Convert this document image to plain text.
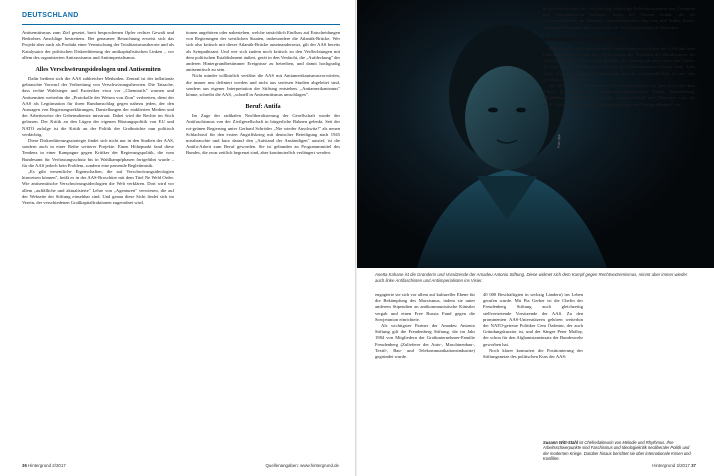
DEUTSCHLAND

Antisemitismus zum Ziel gesetzt, breit besprochenen Opfer rechter Gewalt und Bedrohtes Anschläge bestreitens. Bei genauerer Betrachtung erweist sich das Projekt aber auch als Produkt einer Vermischung der Totalitarismustheorie und als Katalysator der politischen Diskreditierung der antikapitalistischen Linken – vor allem des organisierten Antirassismus und Antiimperialismus.

Alles Verschwörungsideologen und Antisemiten

Dafür bedient sich die AAS zahlreicher Methoden. Zentral ist der inflationär gebrauchte Vorwurf der Verbreitung von Verschwörungstheorien. Die Tatsache, dass rechte Wahlsieger und Esoteriker etwa vor „Chemtrails" warnen und Antisemiten weiterhin die „Protokolle der Weisen von Zion" verbreiten, dient der AAS als Legitimation für ihren Rundumschlag gegen nahezu jeden, der den Aussagen von Regierungserklärungen, Darstellungen der etablierten Medien und der Arbeitsweise der Geheimdienste misstraut. Dabei wird die Rechte im Stich gelassen. Der Kritik an den Lügen der eigenen Rüstungspolitik von EU und NATO zufolge ist die Kritik an der Politik der Großmächte nun politisch verdächtig.

Diese Diskreditierungsstrategie findet sich nicht nur in den Studien der AAS, sondern auch in einer Reihe weiterer Projekte. Einen Höhepunkt fand diese Tendenz in einer Kampagne gegen Kritiker der Regierungspolitik, die vom Bundesamt für Verfassungsschutz bis in Wahlkampfphasen fortgeführt wurde – für die AAS jedoch kein Problem, sondern eine passende Begleitmusik.

„Es gibt wesentliche Eigenschaften, die auf Verschwörungsideologien hinweisen können", heißt es in der AAS-Broschüre mit dem Titel Ne Weld Order. Wie antisemitische Verschwörungsideologien die Welt verklären. Dort wird vor allem „auffälliche und aktualisierte" Lehre von „Agenturen" verwiesen, die auf der Webseite der Stiftung einsehbar sind. Und genau diese Sicht findet sich im Verein, der verschiedenen Großkapitalfraktionen zugeordnet wird.

tionen angehören oder nahestehen, welche tatsächlich Einfluss auf Entscheidungen von Regierungen der westlichen Staaten, insbesondere die Atlantik-Brücke. Wer sich also kritisch mit dieser Atlantik-Brücke auseinandersetzt, gilt der AAS bereits als Sympathisant. Und wer sich zudem noch kritisch zu den Verflechtungen mit dem politischen Establishment äußert, gerät in den Verdacht, die „Aufdeckung" der anderen Hintergrundbestimmer Ereignisse zu betreiben, und damit hochgradig antisemitisch zu sein.

Nicht minder willkürlich verfährt die AAS mit Antiamerikanismusvorwürfen, die immer neu definiert werden und nicht aus seriösen Studien abgeleitet sind, sondern aus eigener Interpretation der Stiftung entstehen. „Antiamerikanismus" könne, schreibt die AAS, „schnell in Antisemitismus umschlagen".

Beruf: Antifa

Im Zuge der radikalen Neoliberalisierung der Gesellschaft wurde der Antifaschismus von der Zivilgesellschaft in bürgerliche Bahnen gelenkt. Seit der rot-grünen Regierung unter Gerhard Schröder „Nie wieder Auschwitz!" als neuen Schlachtruf für den ersten Angriffskrieg mit deutscher Beteiligung nach 1945 missbrauchte und kurz darauf den „Aufstand der Anständigen" ausrief, ist die Antifa-Arbeit zum Beruf geworden. Sie ist gebunden an Programmmittel des Bundes, die zwar zeitlich begrenzt sind, aber kontinuierlich verlängert werden.

36 Hintergrund 2/2017	Quellenangaben: www.hintergrund.de
Foto: dpa
Anetta Kahane ist die Gründerin und Vorsitzende der Amadeu Antonio Stiftung. Diese widmet sich dem Kampf gegen Rechtsextremismus, nimmt aber immer wieder auch linke Antifaschisten und Antiimperialisten ins Visier.

engagierte sie sich vor allem auf kultureller Ebene für die Bekämpfung des Marxismus, indem sie unter anderem Stipendien an antikommunistische Künstler vergab und einen Free Russia Fund gegen die Sowjetunion einrichtete.

Als wichtigster Partner der Amadeu Antonio Stiftung gilt die Freudenberg Stiftung, die im Jahr 1984 von Mitgliedern der Großunternehmer-Familie Freudenberg (Zulieferer der Auto-, Maschinenbau-, Textil-, Bau- und Telekommunikationsindustrie) gegründet wurde.

40 000 Beschäftigten in sechzig Ländern) ins Leben gerufen wurde. Mit Pia Gerber ist die Chefin der Freudenberg Stiftung auch gleichzeitig stellvertretende Vorsitzende der AAS. Zu den prominenten AAS-Unterstützern gehören weiterhin der NATO-getreue Politiker Cem Özdemir, der auch Gründungskurator ist, und der Sänger Peter Maffay, der schon für den Afghanistaneinsatz der Bundeswehr geworben hat.

Noch klarer konturiert die Positionierung der Stiftungsnetze des politischen Kurs der AAS:

beispielsweise mit Una Leschenring, ehemalige Polizeipräsidentin von Chemnitz und Innenministerin Sachsens, sowie mit Thomas Kuhne, der als Ministerialdirektor im Thüringer Innenministerium tätig war, und Volker Kranz, ehemaliger Präsident des Landesamts für Verfassungsschutz in Thüringen.

Konstruktive Zusammenarbeit

Doch es gibt nicht nur personelle Verflechtungen zwischen der AAS und dem Inlandsgeheimdienst: Im Jahr 2014 brachte der Präsident des Bundesamtes für Verfassungsschutz, Hans-Georg Maaßen, die Stiftung ein und erntete die Chefin, die sich bereits mit den Informationen des Geheimdiensts versorgt hatte, Lob. „Eine Zusammenarbeit und Vernetzung mit der Zivilgesellschaft ist uns sehr wichtig", sagte Maaßen.

Bei der dritten Symposium des Verfassungsschutzes im Juni 2014 auf dem dritten Symposium der Verfassungsschutzbehörden Berlin, Brandenburg, Mecklenburg-Vorpommern, Sachsen, Sachsen-Anhalt und Thüringen trug die AAS-Chefin ihre Thesen zu „Verfassungsschutz und Zivilgesellschaft" vor.

Susann Witt-Stahl ist Chefredakteurin von Melodie und Rhythmus. Ihre Arbeitsschwerpunkte sind Faschismus und Ideologiekritik neoliberaler Politik und der modernen Kriege. Darüber hinaus berichtet sie über internationale Krisen und Konflikte.
Hintergrund 2/2017 37
